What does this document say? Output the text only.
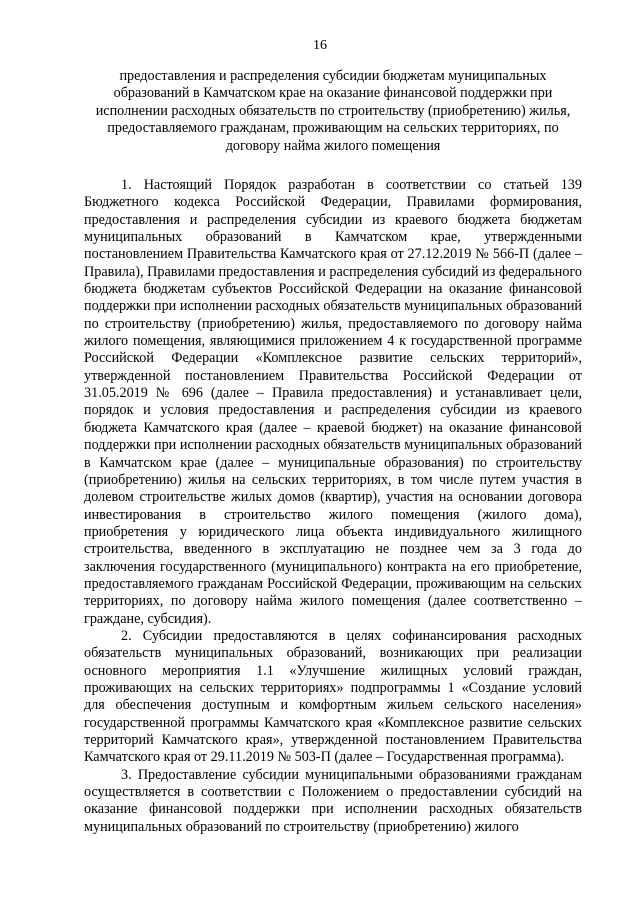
16
предоставления и распределения субсидии бюджетам муниципальных
образований в Камчатском крае на оказание финансовой поддержки при
исполнении расходных обязательств по строительству (приобретению) жилья,
предоставляемого гражданам, проживающим на сельских территориях, по
договору найма жилого помещения

1. Настоящий Порядок разработан в соответствии со статьей 139 Бюджетного кодекса Российской Федерации, Правилами формирования, предоставления и распределения субсидии из краевого бюджета бюджетам муниципальных образований в Камчатском крае, утвержденными постановлением Правительства Камчатского края от 27.12.2019 № 566-П (далее – Правила), Правилами предоставления и распределения субсидий из федерального бюджета бюджетам субъектов Российской Федерации на оказание финансовой поддержки при исполнении расходных обязательств муниципальных образований по строительству (приобретению) жилья, предоставляемого по договору найма жилого помещения, являющимися приложением 4 к государственной программе Российской Федерации «Комплексное развитие сельских территорий», утвержденной постановлением Правительства Российской Федерации от 31.05.2019 № 696 (далее – Правила предоставления) и устанавливает цели, порядок и условия предоставления и распределения субсидии из краевого бюджета Камчатского края (далее – краевой бюджет) на оказание финансовой поддержки при исполнении расходных обязательств муниципальных образований в Камчатском крае (далее – муниципальные образования) по строительству (приобретению) жилья на сельских территориях, в том числе путем участия в долевом строительстве жилых домов (квартир), участия на основании договора инвестирования в строительство жилого помещения (жилого дома), приобретения у юридического лица объекта индивидуального жилищного строительства, введенного в эксплуатацию не позднее чем за 3 года до заключения государственного (муниципального) контракта на его приобретение, предоставляемого гражданам Российской Федерации, проживающим на сельских территориях, по договору найма жилого помещения (далее соответственно – граждане, субсидия).

2. Субсидии предоставляются в целях софинансирования расходных обязательств муниципальных образований, возникающих при реализации основного мероприятия 1.1 «Улучшение жилищных условий граждан, проживающих на сельских территориях» подпрограммы 1 «Создание условий для обеспечения доступным и комфортным жильем сельского населения» государственной программы Камчатского края «Комплексное развитие сельских территорий Камчатского края», утвержденной постановлением Правительства Камчатского края от 29.11.2019 № 503-П (далее – Государственная программа).

3. Предоставление субсидии муниципальными образованиями гражданам осуществляется в соответствии с Положением о предоставлении субсидий на оказание финансовой поддержки при исполнении расходных обязательств муниципальных образований по строительству (приобретению) жилого
